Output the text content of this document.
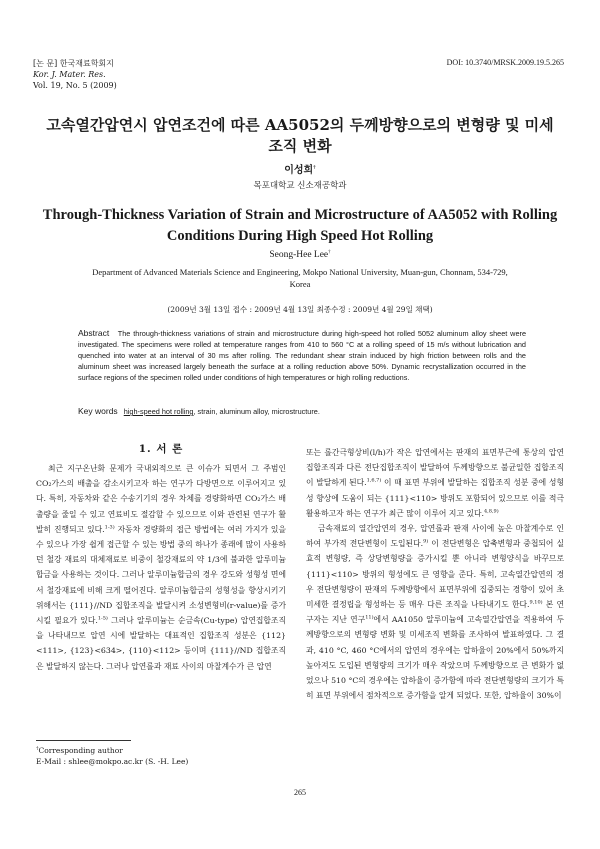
[논 문] 한국재료학회지
Kor. J. Mater. Res.
Vol. 19, No. 5 (2009)
DOI: 10.3740/MRSK.2009.19.5.265
고속열간압연시 압연조건에 따른 AA5052의 두께방향으로의 변형량 및 미세조직 변화
이성희†
목포대학교 신소재공학과
Through-Thickness Variation of Strain and Microstructure of AA5052 with Rolling Conditions During High Speed Hot Rolling
Seong-Hee Lee†
Department of Advanced Materials Science and Engineering, Mokpo National University, Muan-gun, Chonnam, 534-729, Korea
(2009년 3월 13일 접수 : 2009년 4월 13일 최종수정 : 2009년 4월 29일 채택)
Abstract The through-thickness variations of strain and microstructure during high-speed hot rolled 5052 aluminum alloy sheet were investigated. The specimens were rolled at temperature ranges from 410 to 560 °C at a rolling speed of 15 m/s without lubrication and quenched into water at an interval of 30 ms after rolling. The redundant shear strain induced by high friction between rolls and the aluminum sheet was increased largely beneath the surface at a rolling reduction above 50%. Dynamic recrystallization occurred in the surface regions of the specimen rolled under conditions of high temperatures or high rolling reductions.
Key words high-speed hot rolling, strain, aluminum alloy, microstructure.
1. 서 론

최근 지구온난화 문제가 국내외적으로 큰 이슈가 되면서 그 주범인 CO₂가스의 배출을 감소시키고자 하는 연구가 다방면으로 이루어지고 있다. 특히, 자동차와 같은 수송기기의 경우 차체를 경량화하면 CO₂가스 배출량을 줄일 수 있고 연료비도 절감할 수 있으므로 이와 관련된 연구가 활발히 진행되고 있다.$^{1-3)}$ 자동차 경량화의 접근 방법에는 여러 가지가 있을 수 있으나 가장 쉽게 접근할 수 있는 방법 중의 하나가 종래에 많이 사용하던 철강 재료의 대체재료로 비중이 철강재료의 약 1/3에 불과한 알루미늄합금을 사용하는 것이다. 그러나 알루미늄합금의 경우 강도와 성형성 면에서 철강재료에 비해 크게 떨어진다. 알루미늄합금의 성형성을 향상시키기 위해서는 {111}//ND 집합조직을 발달시켜 소성변형비(r-value)를 증가시킬 필요가 있다.$^{1-5)}$ 그러나 알루미늄는 순금속(Cu-type) 압연집합조직을 나타내므로 압연 시에 발달하는 대표적인 집합조직 성분은 {112}<111>, {123}<634>, {110}<112> 등이며 {111}//ND 집합조직은 발달하지 않는다. 그러나 압연롤과 재료 사이의 마찰계수가 큰 압연

또는 롤간극형상비(l/h)가 작은 압연에서는 판재의 표면부근에 통상의 압연집합조직과 다른 전단집합조직이 발달하여 두께방향으로 불균일한 집합조직이 발달하게 된다.$^{1,6,7)}$ 이 때 표면 부위에 발달하는 집합조직 성분 중에 성형성 향상에 도움이 되는 {111}<110> 방위도 포함되어 있으므로 이를 적극 활용하고자 하는 연구가 최근 많이 이루어 지고 있다.$^{4,8,9)}$

금속재료의 열간압연의 경우, 압연롤과 판재 사이에 높은 마찰계수로 인하여 부가적 전단변형이 도입된다.$^{9)}$ 이 전단변형은 압축변형과 중첩되어 실효적 변형량, 즉 상당변형량을 증가시킬 뿐 아니라 변형양식을 바꾸므로 {111}<110> 방위의 형성에도 큰 영향을 준다. 특히, 고속열간압연의 경우 전단변형량이 판재의 두께방향에서 표면부위에 집중되는 경향이 있어 초미세한 결정립을 형성하는 등 매우 다른 조직을 나타내기도 한다.$^{9,10)}$ 본 연구자는 지난 연구$^{11)}$에서 AA1050 알루미늄에 고속열간압연을 적용하여 두께방향으로의 변형량 변화 및 미세조직 변화를 조사하여 발표하였다. 그 결과, 410 °C, 460 °C에서의 압연의 경우에는 압하율이 20%에서 50%까지 높아져도 도입된 변형량의 크기가 매우 작았으며 두께방향으로 큰 변화가 없었으나 510 °C의 경우에는 압하율이 증가함에 따라 전단변형량의 크기가 특히 표면 부위에서 점차적으로 증가함을 알게 되었다. 또한, 압하율이 30%이

†Corresponding author
E-Mail : shlee@mokpo.ac.kr (S. -H. Lee)
265
